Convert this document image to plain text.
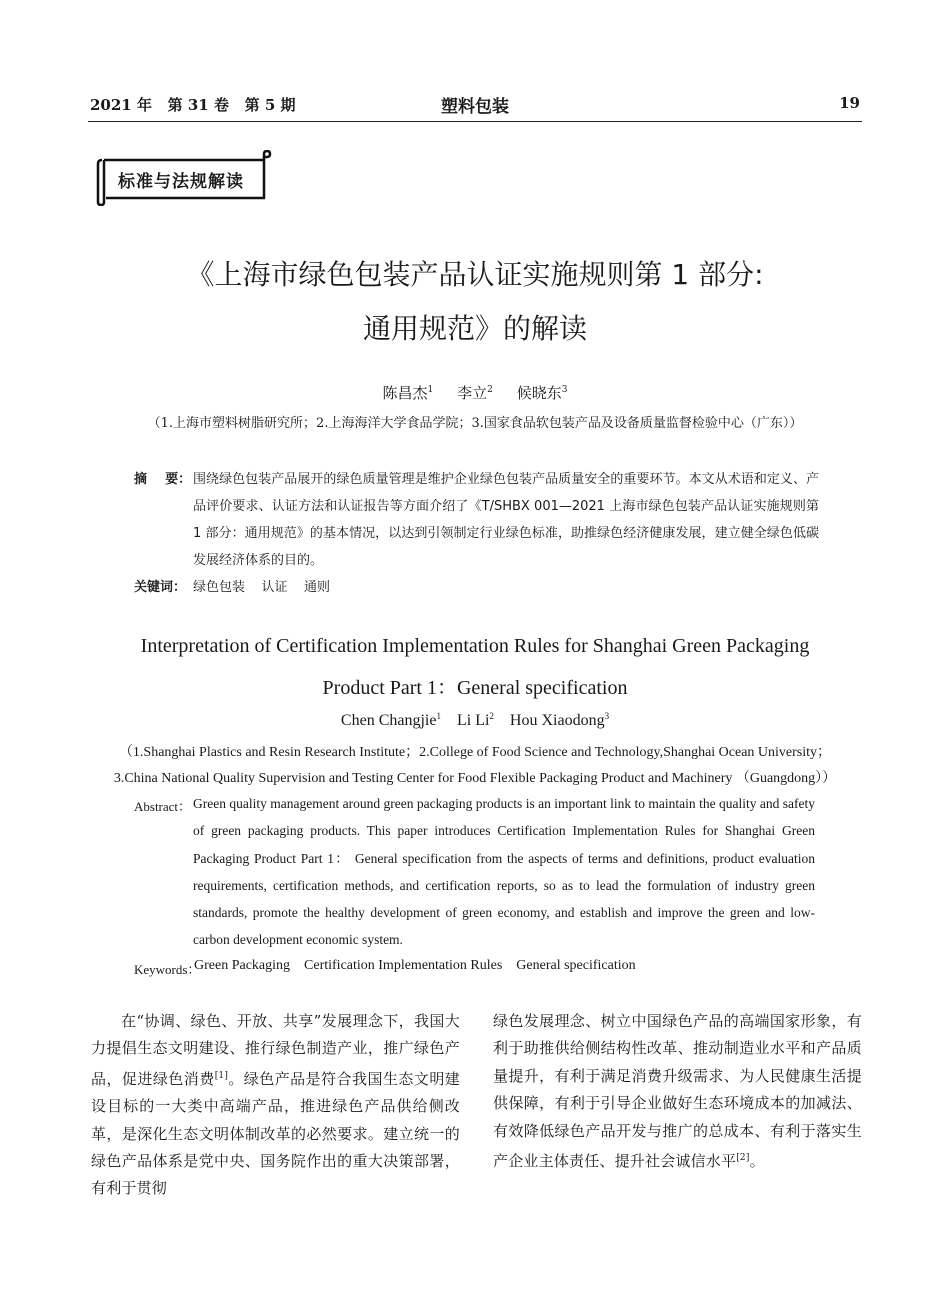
2021 年   第 31 卷   第 5 期	塑料包装	19
标准与法规解读
《上海市绿色包装产品认证实施规则第 1 部分:
通用规范》的解读
陈昌杰$^1$ 李立$^2$ 候晓东$^3$
（1.上海市塑料树脂研究所；2.上海海洋大学食品学院；3.国家食品软包装产品及设备质量监督检验中心（广东））
摘    要： 围绕绿色包装产品展开的绿色质量管理是维护企业绿色包装产品质量安全的重要环节。本文从术语和定义、产品评价要求、认证方法和认证报告等方面介绍了《T/SHBX 001—2021 上海市绿色包装产品认证实施规则第 1 部分：通用规范》的基本情况，以达到引领制定行业绿色标准，助推绿色经济健康发展，建立健全绿色低碳发展经济体系的目的。
关键词： 绿色包装    认证    通则
Interpretation of Certification Implementation Rules for Shanghai Green Packaging
Product Part 1：General specification
Chen Changjie$^1$ Li Li$^2$ Hou Xiaodong$^3$
（1.Shanghai Plastics and Resin Research Institute；2.College of Food Science and Technology,Shanghai Ocean University；
3.China National Quality Supervision and Testing Center for Food Flexible Packaging Product and Machinery （Guangdong））
Abstract： Green quality management around green packaging products is an important link to maintain the quality and safety of green packaging products. This paper introduces Certification Implementation Rules for Shanghai Green Packaging Product Part 1： General specification from the aspects of terms and definitions, product evaluation requirements, certification methods, and certification reports, so as to lead the formulation of industry green standards, promote the healthy development of green economy, and establish and improve the green and low-carbon development economic system.
Keywords：
Green Packaging    Certification Implementation Rules    General specification
在“协调、绿色、开放、共享”发展理念下，我国大力提倡生态文明建设、推行绿色制造产业，推广绿色产品，促进绿色消费[1]。绿色产品是符合我国生态文明建设目标的一大类中高端产品，推进绿色产品供给侧改革，是深化生态文明体制改革的必然要求。建立统一的绿色产品体系是党中央、国务院作出的重大决策部署，有利于贯彻
绿色发展理念、树立中国绿色产品的高端国家形象，有利于助推供给侧结构性改革、推动制造业水平和产品质量提升，有利于满足消费升级需求、为人民健康生活提供保障，有利于引导企业做好生态环境成本的加减法、有效降低绿色产品开发与推广的总成本、有利于落实生产企业主体责任、提升社会诚信水平[2]。
